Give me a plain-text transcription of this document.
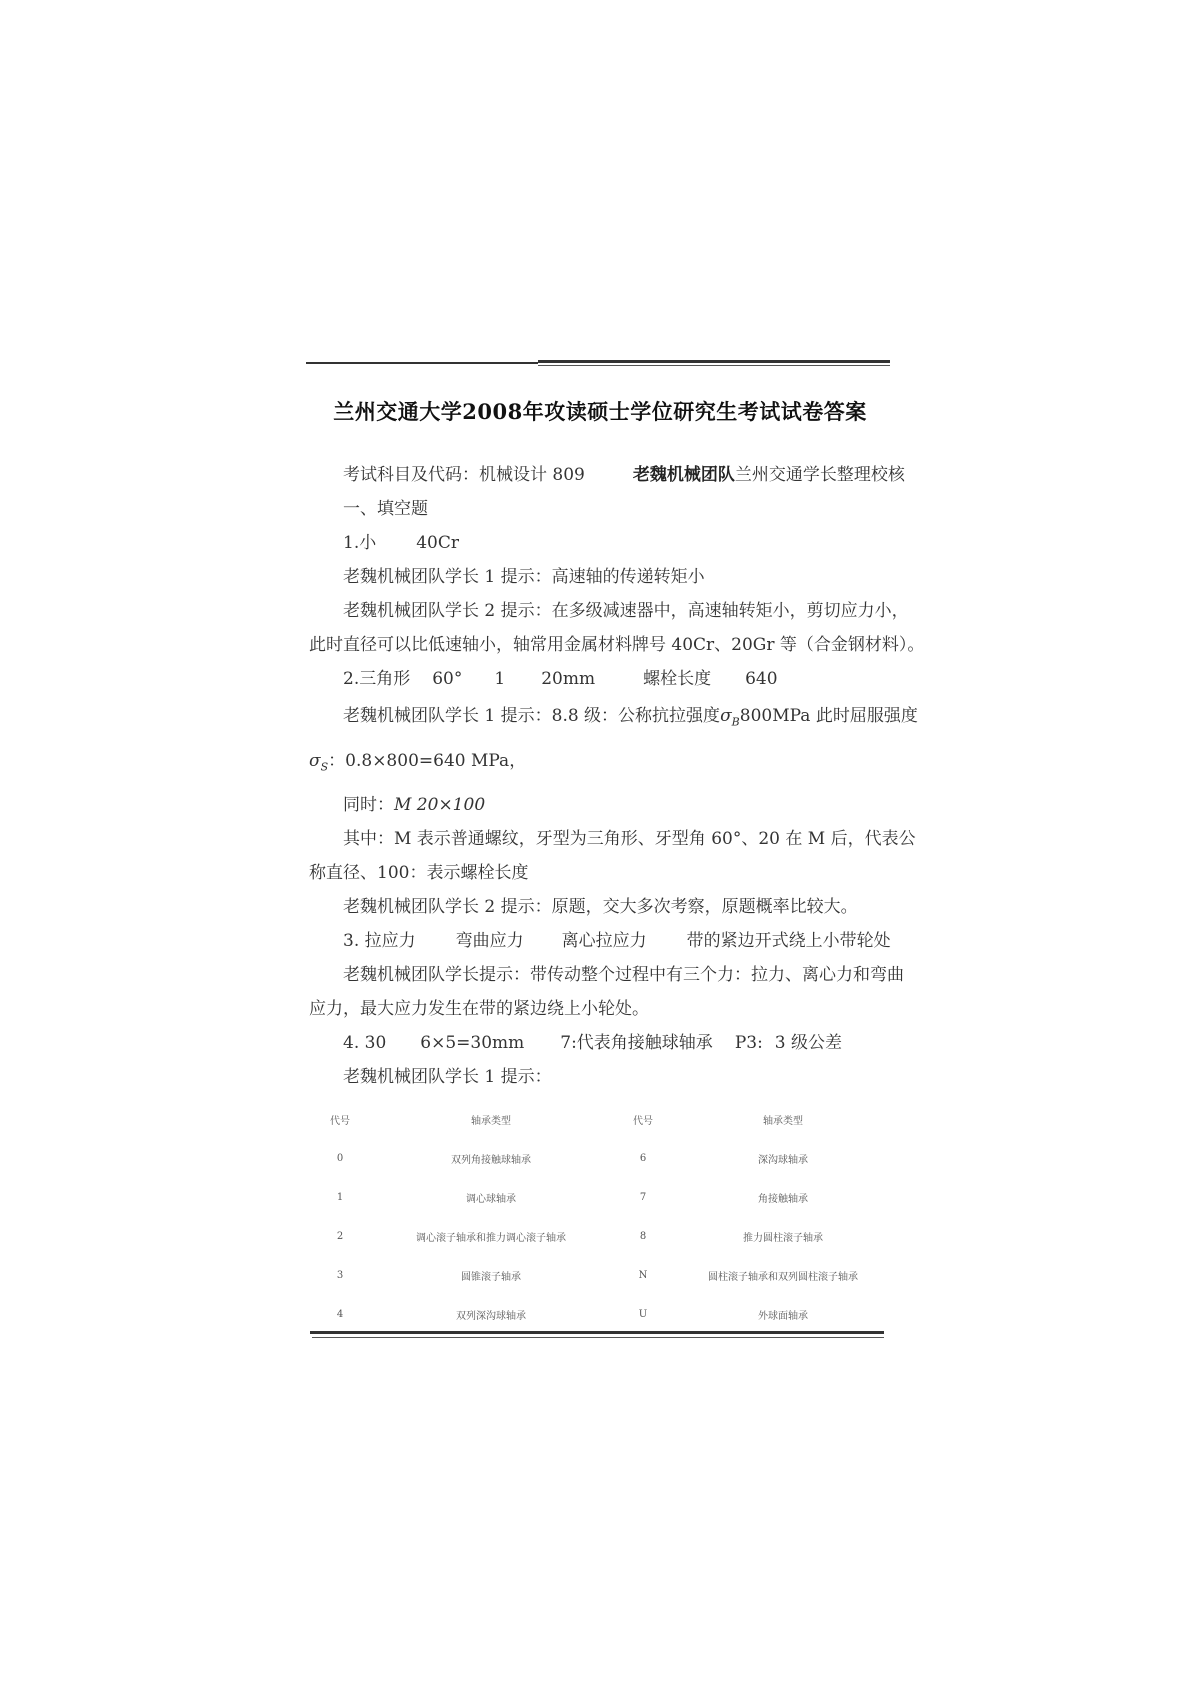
兰州交通大学2008年攻读硕士学位研究生考试试卷答案
考试科目及代码：机械设计 809	老魏机械团队兰州交通学长整理校核
一、填空题
1.小 40Cr
老魏机械团队学长 1 提示：高速轴的传递转矩小
老魏机械团队学长 2 提示：在多级减速器中，高速轴转矩小，剪切应力小，
此时直径可以比低速轴小，轴常用金属材料牌号 40Cr、20Gr 等（合金钢材料）。
2.三角形 60° 1 20mm	螺栓长度 640
老魏机械团队学长 1 提示：8.8 级：公称抗拉强度$\sigma_B800MPa$ 此时屈服强度
$\sigma_S$：0.8×800=640 MPa，
同时：M 20×100
其中：M 表示普通螺纹，牙型为三角形、牙型角 60°、20 在 M 后，代表公
称直径、100：表示螺栓长度
老魏机械团队学长 2 提示：原题，交大多次考察，原题概率比较大。
3. 拉应力 弯曲应力 离心拉应力 带的紧边开式绕上小带轮处
老魏机械团队学长提示：带传动整个过程中有三个力：拉力、离心力和弯曲
应力，最大应力发生在带的紧边绕上小轮处。
4. 30 6×5=30mm 7:代表角接触球轴承 P3: 3 级公差
老魏机械团队学长 1 提示：
代号	轴承类型	代号	轴承类型
0	双列角接触球轴承	6	深沟球轴承
1	调心球轴承	7	角接触轴承
2	调心滚子轴承和推力调心滚子轴承	8	推力圆柱滚子轴承
3	圆锥滚子轴承	N	圆柱滚子轴承和双列圆柱滚子轴承
4	双列深沟球轴承	U	外球面轴承
